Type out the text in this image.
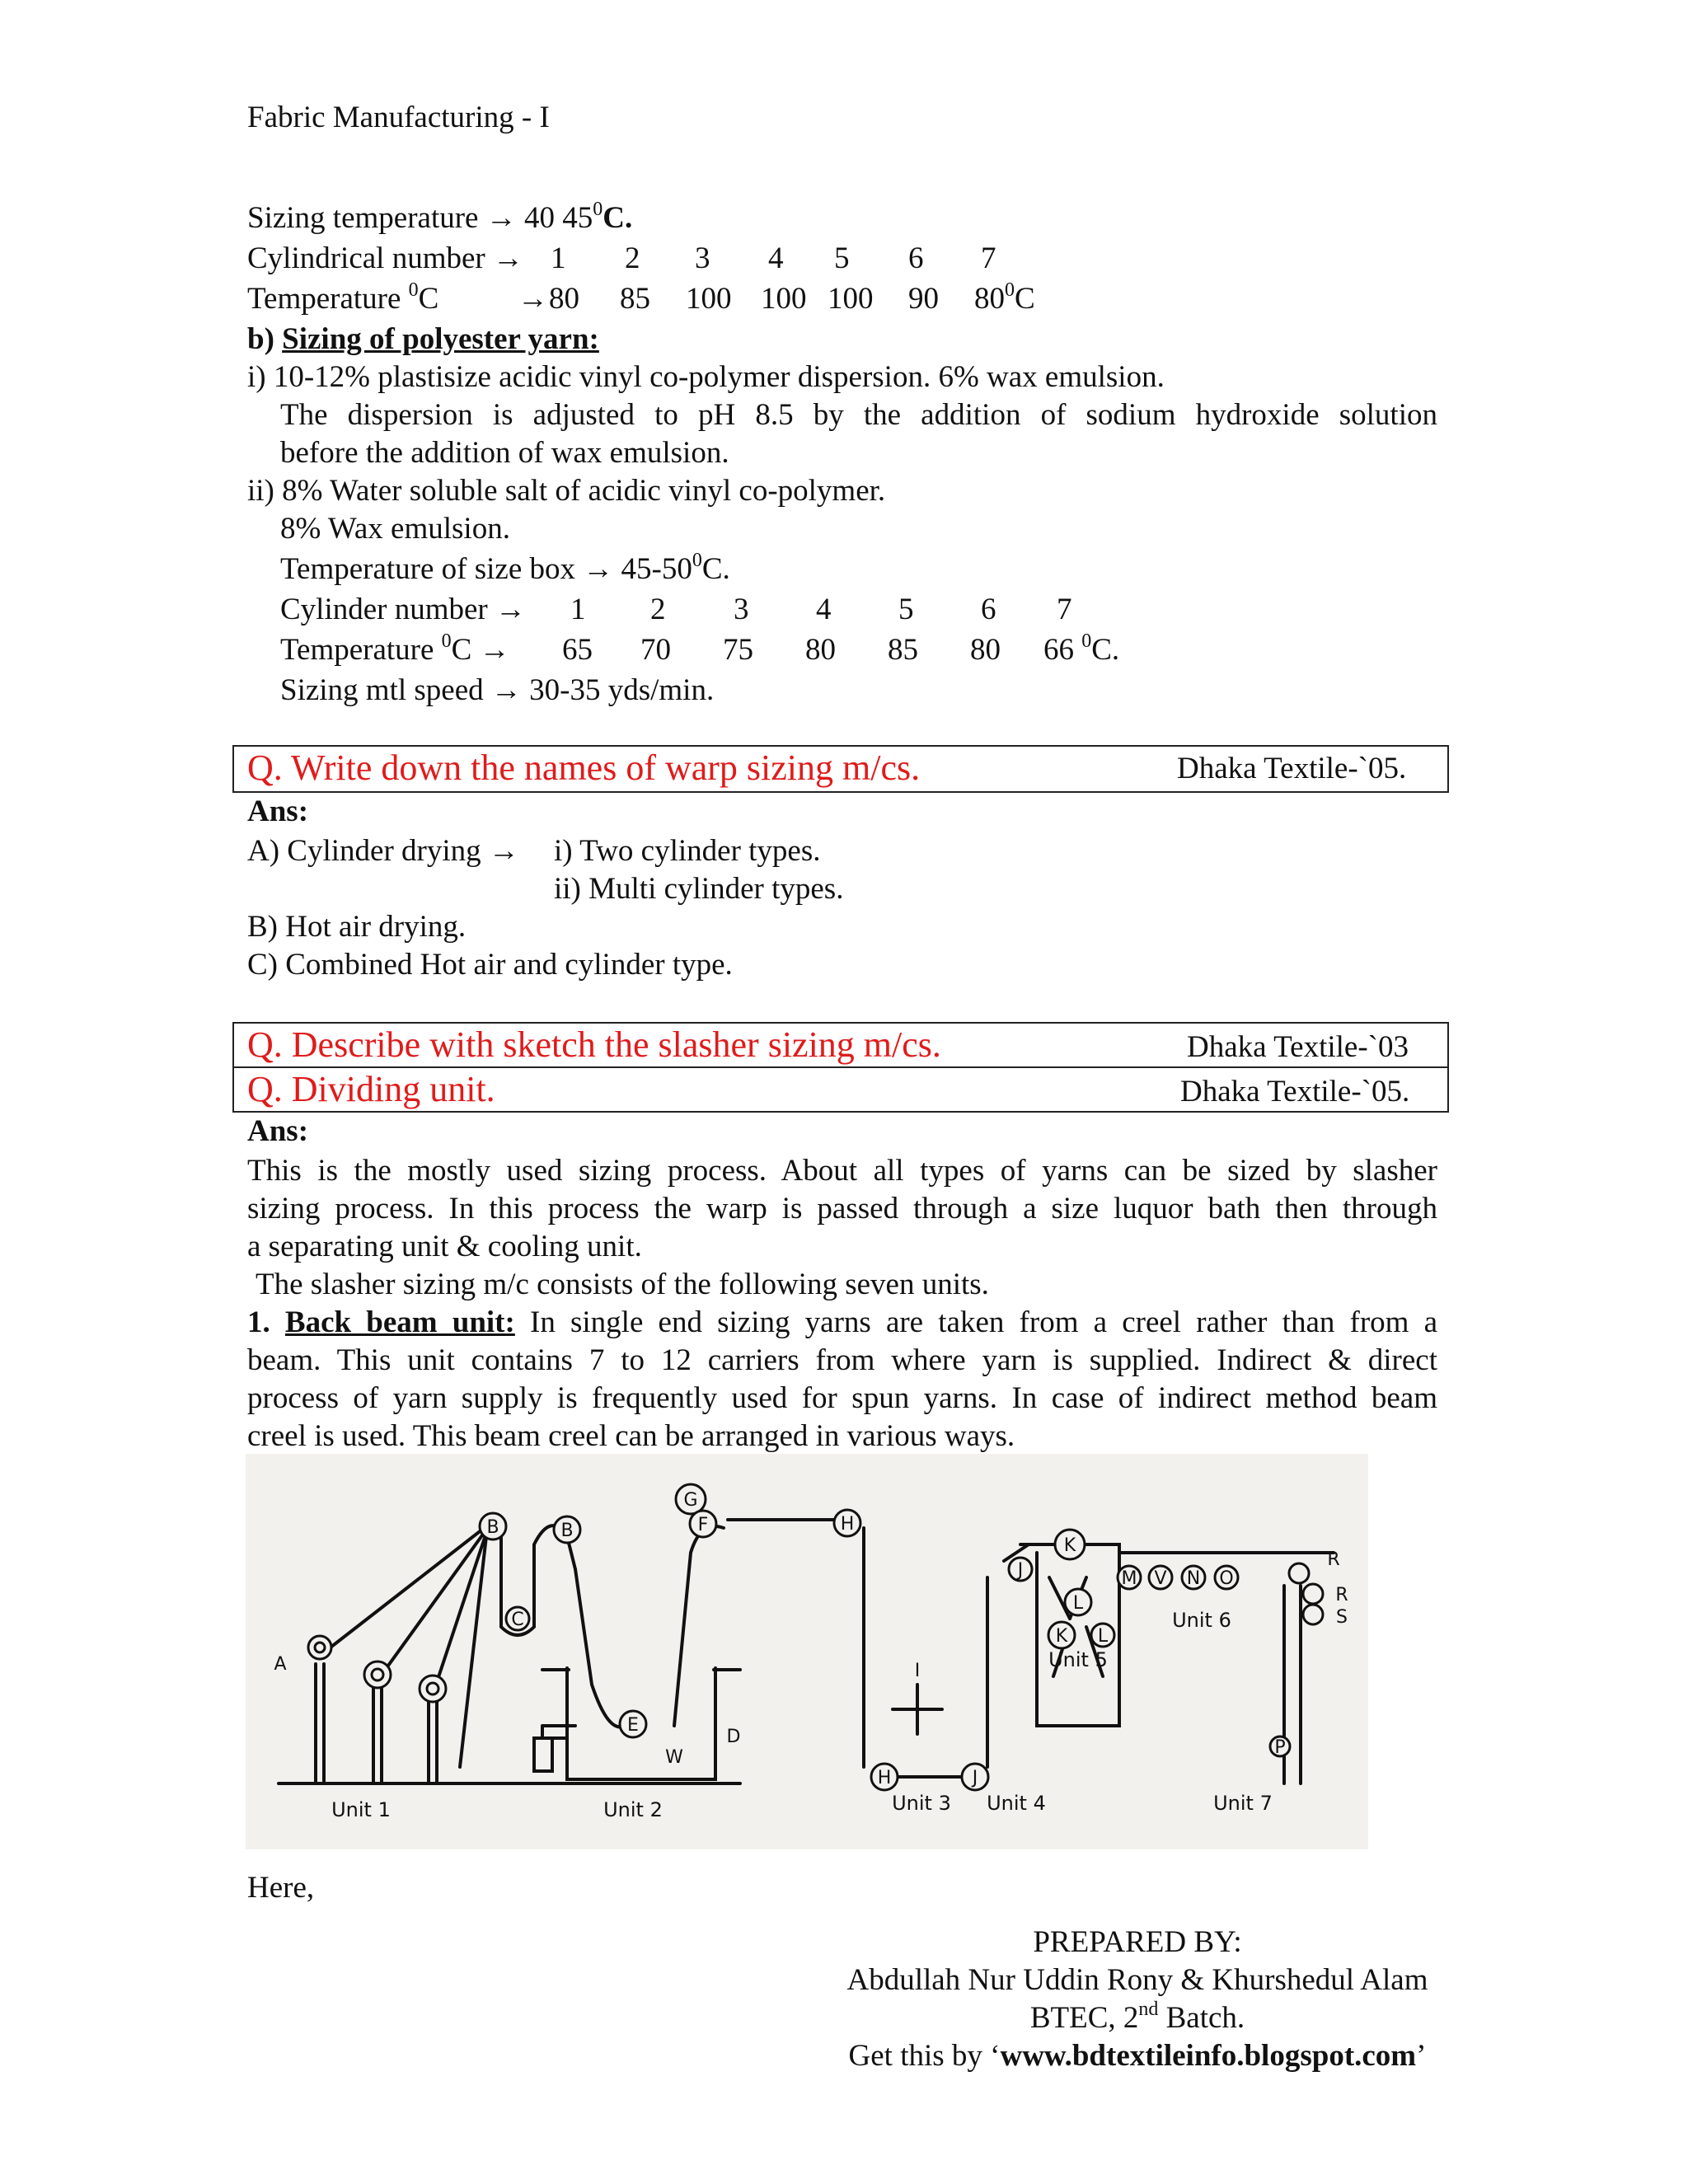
Fabric Manufacturing - I
Sizing temperature → 40 $45^0C$.
Cylindrical number → 1 2 3 4 5 6 7
Temperature $^0$C	→ 80 85 100 100 100 90 $80^0C$
b) Sizing of polyester yarn:
i) 10-12% plastisize acidic vinyl co-polymer dispersion. 6% wax emulsion.
The dispersion is adjusted to pH 8.5 by the addition of sodium hydroxide solution
before the addition of wax emulsion.
ii) 8% Water soluble salt of acidic vinyl co-polymer.
8% Wax emulsion.
Temperature of size box → $45-50^0C$.
Cylinder number → 1 2 3 4 5 6 7
Temperature $^0$C → 65 70 75 80 85 80 66 $^0$C.
Sizing mtl speed → 30-35 yds/min.
Q. Write down the names of warp sizing m/cs.	Dhaka Textile-`05.
Ans:
A) Cylinder drying → i) Two cylinder types.
ii) Multi cylinder types.
B) Hot air drying.
C) Combined Hot air and cylinder type.
Q. Describe with sketch the slasher sizing m/cs.	Dhaka Textile-`03
Q. Dividing unit.	Dhaka Textile-`05.
Ans:
This is the mostly used sizing process. About all types of yarns can be sized by slasher
sizing process. In this process the warp is passed through a size luquor bath then through
a separating unit & cooling unit.
The slasher sizing m/c consists of the following seven units.
1. Back beam unit: In single end sizing yarns are taken from a creel rather than from a
beam. This unit contains 7 to 12 carriers from where yarn is supplied. Indirect & direct
process of yarn supply is frequently used for spun yarns. In case of indirect method beam
creel is used. This beam creel can be arranged in various ways.
A
B	B
C
G
F
E
W
D
H
H	J
J
K
K
L
L
M V N O
R
R
S
P
I
Unit 1	Unit 2	Unit 3 Unit 4
Unit 5
Unit 6
Unit 7
Here,
PREPARED BY:
Abdullah Nur Uddin Rony & Khurshedul Alam
BTEC, 2nd Batch.
Get this by ‘www.bdtextileinfo.blogspot.com’
